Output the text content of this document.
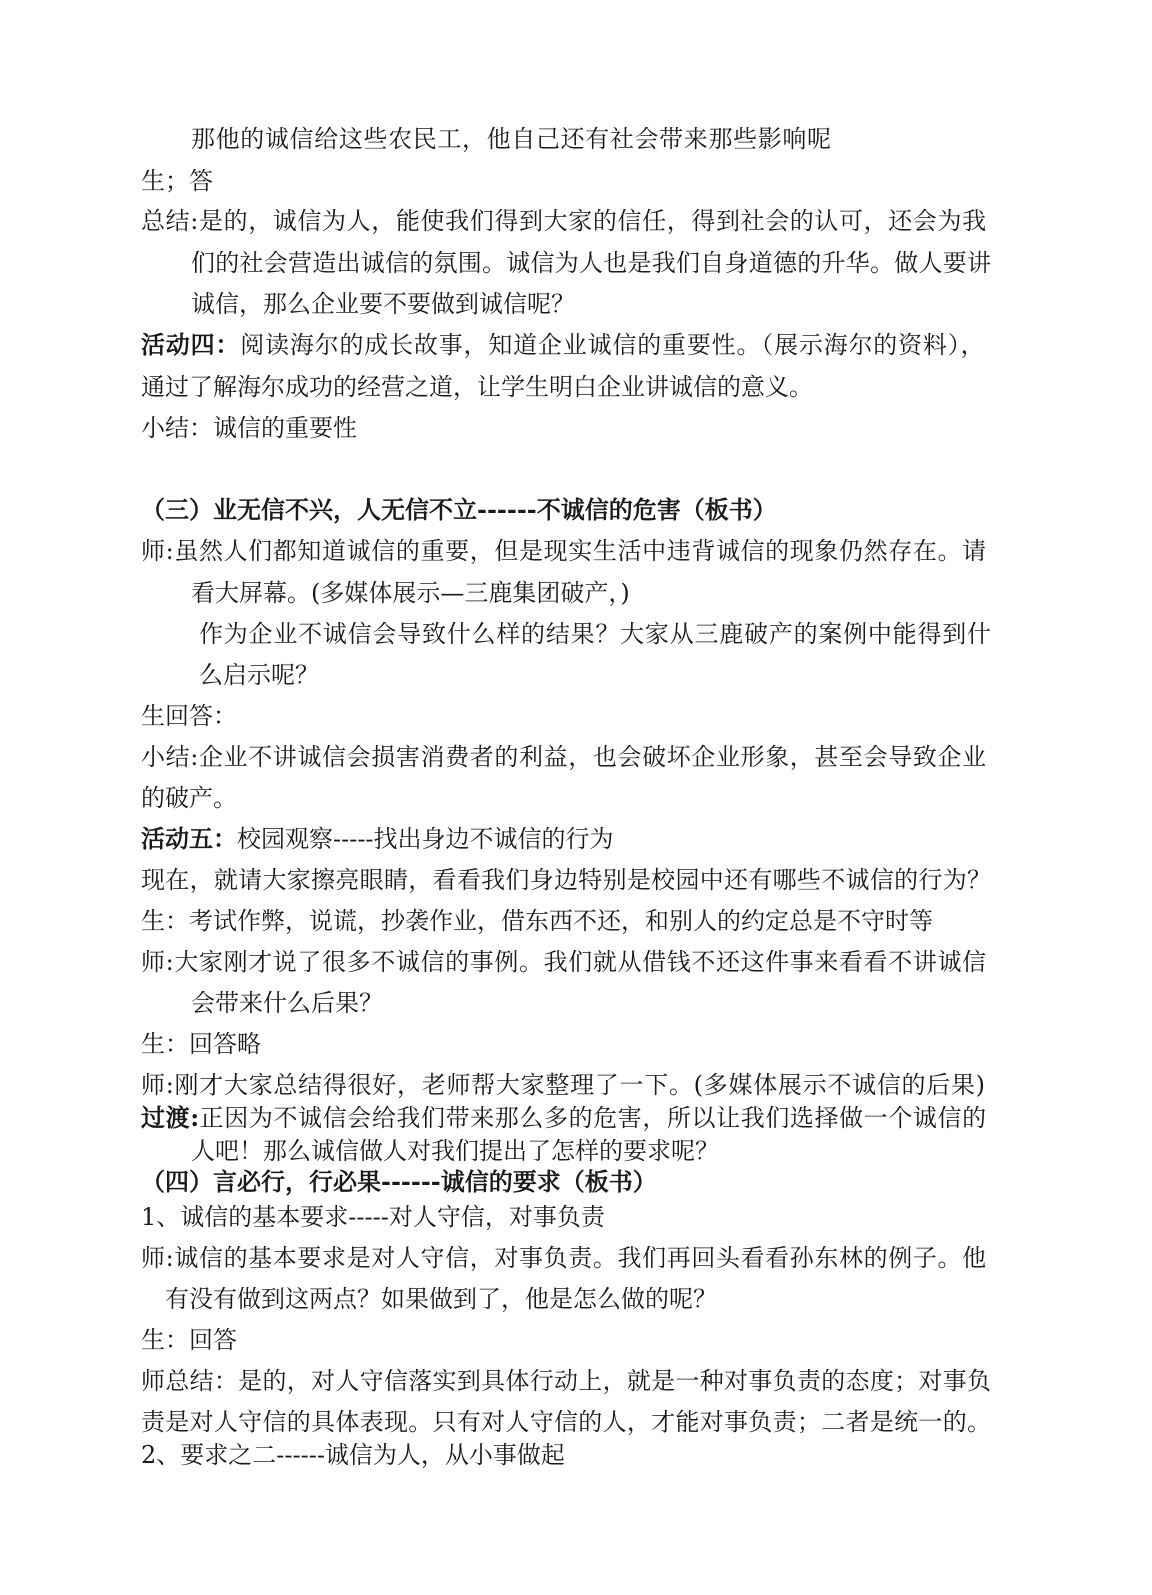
那他的诚信给这些农民工，他自己还有社会带来那些影响呢
生；答
总结:是的，诚信为人，能使我们得到大家的信任，得到社会的认可，还会为我
们的社会营造出诚信的氛围。诚信为人也是我们自身道德的升华。做人要讲
诚信，那么企业要不要做到诚信呢？
活动四：阅读海尔的成长故事，知道企业诚信的重要性。（展示海尔的资料），
通过了解海尔成功的经营之道，让学生明白企业讲诚信的意义。
小结：诚信的重要性
（三）业无信不兴，人无信不立------不诚信的危害（板书）
师:虽然人们都知道诚信的重要，但是现实生活中违背诚信的现象仍然存在。请
看大屏幕。(多媒体展示—三鹿集团破产，)
作为企业不诚信会导致什么样的结果？大家从三鹿破产的案例中能得到什
么启示呢？
生回答：
小结:企业不讲诚信会损害消费者的利益，也会破坏企业形象，甚至会导致企业
的破产。
活动五：校园观察-----找出身边不诚信的行为
现在，就请大家擦亮眼睛，看看我们身边特别是校园中还有哪些不诚信的行为？
生：考试作弊，说谎，抄袭作业，借东西不还，和别人的约定总是不守时等
师:大家刚才说了很多不诚信的事例。我们就从借钱不还这件事来看看不讲诚信
会带来什么后果？
生：回答略
师:刚才大家总结得很好，老师帮大家整理了一下。(多媒体展示不诚信的后果)
过渡:正因为不诚信会给我们带来那么多的危害，所以让我们选择做一个诚信的
人吧！那么诚信做人对我们提出了怎样的要求呢？
（四）言必行，行必果------诚信的要求（板书）
1、诚信的基本要求-----对人守信，对事负责
师:诚信的基本要求是对人守信，对事负责。我们再回头看看孙东林的例子。他
有没有做到这两点？如果做到了，他是怎么做的呢？
生：回答
师总结：是的，对人守信落实到具体行动上，就是一种对事负责的态度；对事负
责是对人守信的具体表现。只有对人守信的人，才能对事负责；二者是统一的。
2、要求之二------诚信为人，从小事做起
